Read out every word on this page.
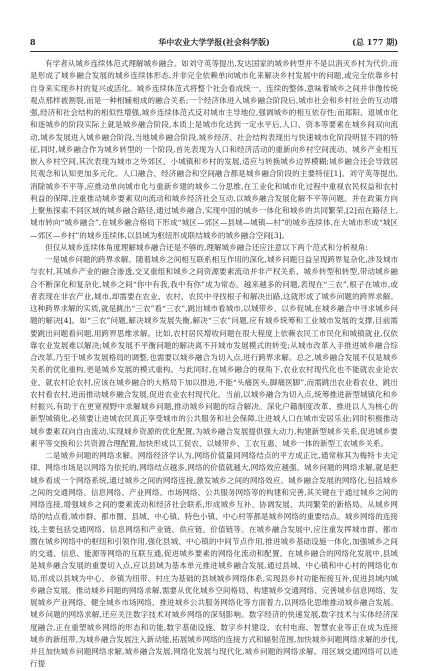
8	华中农业大学学报(社会科学版)	(总 177 期)

有学者从城乡连续体范式理解城乡融合。如刘守英等提出,发达国家的城乡转型并不是以消灭乡村为代价,而是形成了城乡融合发展的城乡连续体形态,并非完全依赖单向城市化来解决乡村发展中的问题,或完全依靠乡村自身来实现乡村的复兴或活化。城乡连续体范式将整个社会看成统一、连续的整体,意味着城乡之间并非像传统观点那样被割裂,而是一种相辅相成的融合关系;一个经济体进入城乡融合阶段后,城市社会和乡村社会的互动增强,经济和社会结构的相似性增强,城乡连续体范式反对城市主导地位,强调城乡的相互依存性;而郑阳、退城市化和逐城乡的阶段实际上就是城乡融合阶段,本质上是城市化达到一定水平后,人口、资本等要素在城乡间双向流动,城乡发展进入城乡融合阶段,当地城乡融合阶段,城乡经济、社会结构表现出与快速城市化阶段明显不同的特征,同时,城乡融合作为城乡转型的一个阶段,首先表现为人口和经济活动的重新向乡村空间流动、城乡产业相互嵌入乡村空间,其次表现为城市之外郊区、小城镇和乡村的发展,适应与转换城乡边界模糊;城乡融合还会导致居民观念和认知更加多元化。人口融合、经济融合和空间融合都是城乡融合阶段的主要特征[1]。刘守英等提出,消除城乡不平等,应推动单向城市化与重新乡建的城乡二分思维,在工业化和城市化过程中重视农民权益和农村利益的保障,注重推动城乡要素双向流动和城乡经济社会互动,以城乡融合发展化解不平等问题。并在政策方向上聚焦探索不同区域的城乡融合路径,通过城乡融合,实现中国的城乡一体化和城乡的共同繁荣,[2]而在路径上,城市转向“城乡融合”,在城乡融合格局下形成“城区—郊区—县城—城镇—村”的城乡连续体,在大城市形成“城区—郊区—乡村”的城乡连续体,以县域为枢纽形成联结城乡的城乡融合空间[3]。

但仅从城乡连续体角度理解城乡融合还是不够的,理解城乡融合还应注意以下两个范式和分析视角:

一是城乡问题的跨界求解。随着城乡之间相互联系相互作用的深化,城乡问题日益呈现跨界复杂化,涉及城市与农村,其城乡产业的融合渗透,交叉重组和城乡之间资源要素流动并非产权关系、城乡转型和转型,带动城乡融合不断深化和复杂化,城乡之间“你中有我,我中有你”成为常态。越来越多的问题,表现在“三农”,根子在城市,或者表现在非农产业,城市,却需要在农业、农村、农民中寻找根子和解决出路,这就形成了城乡问题的跨界求解。这种跨界求解的实质,就是跳出“三农”看“三农”,跳出城市看城市,以城带乡、以乡促城,在城乡融合中寻求城乡问题的解决[4]。如“三农”问题,解决城乡发展失衡,解决“三农”问题,应有城乡统筹和工业城市发展的支撑,目前需要跳出问题看问题,用跨界思维求解。比如,农村居民增收问题在很大程度上依赖农民工市民化和城镇就业,仅依靠农业发展难以解决;城乡发展不平衡问题的解决离不开城市发展模式的转变;从城市改革入手推进城乡融合综合改革,乃至于城乡发展格局的调整,也需要以城乡融合为切入点,进行跨界求解。总之,城乡融合发展不仅是城乡关系的优化重构,更是城乡发展的模式重构。与此同时,在城乡融合的视角下,农业农村现代化也不能就农业论农业、就农村论农村,应该在城乡融合的大格局下加以推进,不能“头痛医头,脚痛医脚”,而需跳出农业看农业、跳出农村看农村,进而推动城乡融合发展,促进农业农村现代化。当前,以城乡融合为切入点,统筹推进新型城镇化和乡村振兴,有助于在更宽视野中求解城乡问题,推动城乡问题的综合解决。深化户籍制度改革、推进以人为核心的新型城镇化,必须要让进城农民真正享受城市的公共服务和社会保障,让进城人口在城市安居乐业;同时积极推动城乡要素双向自由流动,实现城乡资源的优化配置,为城乡融合发展提供强大动力,构建新型城乡关系,促进城乡要素平等交换和公共资源合理配置,加快形成以工促农、以城带乡、工农互惠、城乡一体的新型工农城乡关系。

二是城乡问题的网络求解。网络经济学认为,网络价值量同网络结点的平方成正比,通常称其为梅特卡夫定律。网络市场是以网络为依托的,网络结点越多,网络的价值就越大,网络效应越强。城乡问题的网络求解,就是把城乡看成一个网络系统,通过城乡之间的网络连接,激发城乡之间的网络效应。城乡融合发展的网络化,包括城乡之间的交通网络、信息网络、产业网络、市场网络、公共服务网络等的构建和完善,其关键在于通过城乡之间的网络连接,增强城乡之间的要素流动和经济社会联系,形成城乡互补、协调发展、共同繁荣的新格局。从城乡网络的结点看,城市群、都市圈、县城、中心镇、特色小镇、中心村等都是城乡网络的重要结点。城乡网络的连接线,主要包括交通网络、信息网络和产业链、供应链、价值链等。在城乡融合发展中,应注重发挥城市群、都市圈在城乡网络中的枢纽和引领作用,强化县城、中心镇的中间节点作用,推进城乡基础设施一体化,加强城乡之间的交通、信息、能源等网络的互联互通,促进城乡要素的网络化流动和配置。在城乡融合的网络化发展中,县域是城乡融合发展的重要切入点,应以县域为基本单元推进城乡融合发展,通过县城、中心镇和中心村的网络化布局,形成以县城为中心、乡镇为纽带、村庄为基础的县域城乡网络体系,实现县乡村功能衔接互补,促进县域内城乡融合发展。推动城乡问题的网络求解,需要从优化城乡空间格局、构建城乡交通网络、完善城乡信息网络、发展城乡产业网络、健全城乡市场网络、推进城乡公共服务网络化等方面着力,以网络化思维推动城乡融合发展。城乡问题的网络求解,还应关注数字技术对城乡网络的深刻影响。数字经济的快速发展,数字技术与实体经济深度融合,正在重塑城乡网络的形态和功能,数字基础设施、数字乡村建设、农村电商、智慧农业等正在成为连接城乡的新纽带,为城乡融合发展注入新动能,拓展城乡网络的连接方式和辐射范围,加快城乡问题网络求解的步伐,并且加快城乡问题网络求解,城乡融合发展,网络化发展与现代化,城乡问题的网络求解。用区域交通网络可以进行提
